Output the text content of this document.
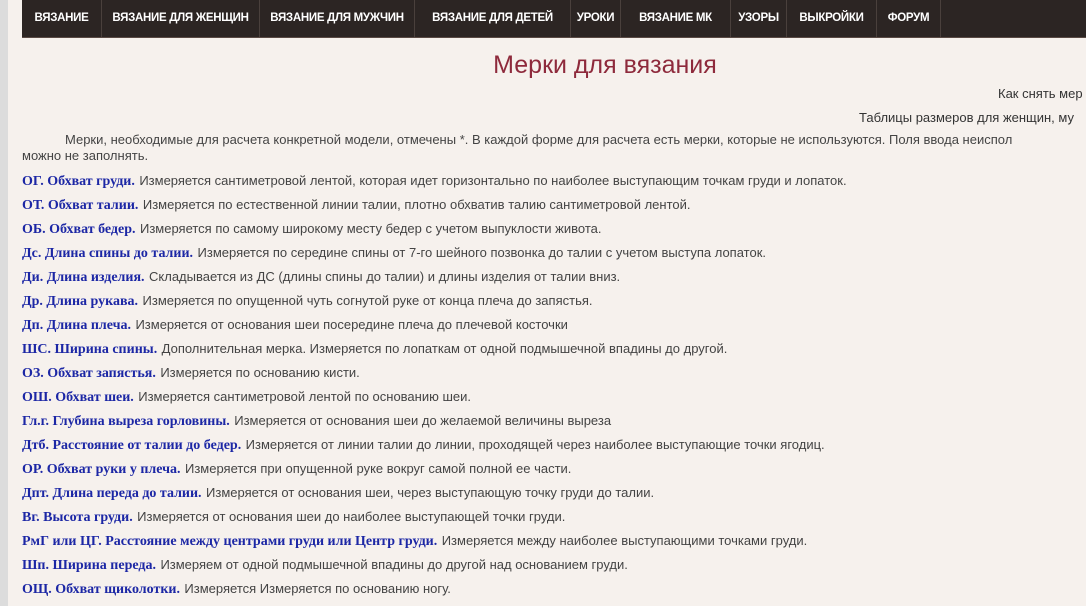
ВЯЗАНИЕ	ВЯЗАНИЕ ДЛЯ ЖЕНЩИН	ВЯЗАНИЕ ДЛЯ МУЖЧИН	ВЯЗАНИЕ ДЛЯ ДЕТЕЙ	УРОКИ	ВЯЗАНИЕ МК	УЗОРЫ	ВЫКРОЙКИ	ФОРУМ
Мерки для вязания
Как снять мер
Таблицы размеров для женщин, му
Мерки, необходимые для расчета конкретной модели, отмечены *. В каждой форме для расчета есть мерки, которые не используются. Поля ввода неиспол
можно не заполнять.
ОГ. Обхват груди. Измеряется сантиметровой лентой, которая идет горизонтально по наиболее выступающим точкам груди и лопаток.
ОТ. Обхват талии. Измеряется по естественной линии талии, плотно обхватив талию сантиметровой лентой.
ОБ. Обхват бедер. Измеряется по самому широкому месту бедер с учетом выпуклости живота.
Дс. Длина спины до талии. Измеряется по середине спины от 7-го шейного позвонка до талии с учетом выступа лопаток.
Ди. Длина изделия. Складывается из ДС (длины спины до талии) и длины изделия от талии вниз.
Др. Длина рукава. Измеряется по опущенной чуть согнутой руке от конца плеча до запястья.
Дп. Длина плеча. Измеряется от основания шеи посередине плеча до плечевой косточки
ШС. Ширина спины. Дополнительная мерка. Измеряется по лопаткам от одной подмышечной впадины до другой.
ОЗ. Обхват запястья. Измеряется по основанию кисти.
ОШ. Обхват шеи. Измеряется сантиметровой лентой по основанию шеи.
Гл.г. Глубина выреза горловины. Измеряется от основания шеи до желаемой величины выреза
Дтб. Расстояние от талии до бедер. Измеряется от линии талии до линии, проходящей через наиболее выступающие точки ягодиц.
ОР. Обхват руки у плеча. Измеряется при опущенной руке вокруг самой полной ее части.
Дпт. Длина переда до талии. Измеряется от основания шеи, через выступающую точку груди до талии.
Вг. Высота груди. Измеряется от основания шеи до наиболее выступающей точки груди.
РмГ или ЦГ. Расстояние между центрами груди или Центр груди. Измеряется между наиболее выступающими точками груди.
Шп. Ширина переда. Измеряем от одной подмышечной впадины до другой над основанием груди.
ОЩ. Обхват щиколотки. Измеряется Измеряется по основанию ногу.
